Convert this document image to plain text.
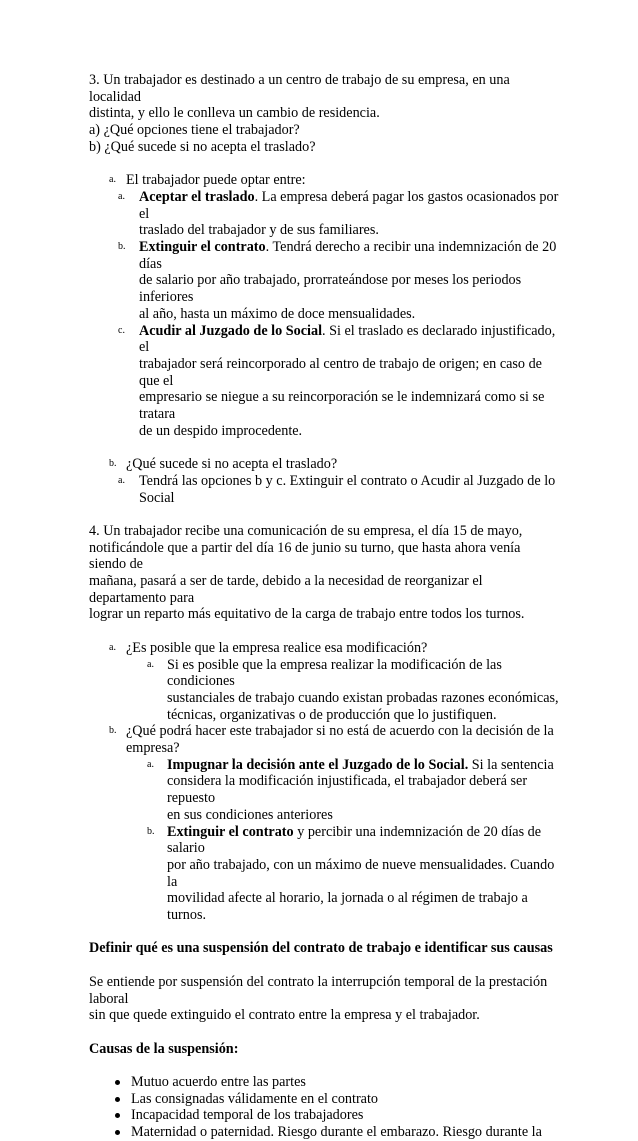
3. Un trabajador es destinado a un centro de trabajo de su empresa, en una localidad

distinta, y ello le conlleva un cambio de residencia.

a) ¿Qué opciones tiene el trabajador?

b) ¿Qué sucede si no acepta el traslado?

a. El trabajador puede optar entre:

a. Aceptar el traslado. La empresa deberá pagar los gastos ocasionados por el

traslado del trabajador y de sus familiares.

b. Extinguir el contrato. Tendrá derecho a recibir una indemnización de 20 días

de salario por año trabajado, prorrateándose por meses los periodos inferiores

al año, hasta un máximo de doce mensualidades.

c. Acudir al Juzgado de lo Social. Si el traslado es declarado injustificado, el

trabajador será reincorporado al centro de trabajo de origen; en caso de que el

empresario se niegue a su reincorporación se le indemnizará como si se tratara

de un despido improcedente.

b. ¿Qué sucede si no acepta el traslado?

a. Tendrá las opciones b y c. Extinguir el contrato o Acudir al Juzgado de lo

Social

4. Un trabajador recibe una comunicación de su empresa, el día 15 de mayo,

notificándole que a partir del día 16 de junio su turno, que hasta ahora venía siendo de

mañana, pasará a ser de tarde, debido a la necesidad de reorganizar el departamento para

lograr un reparto más equitativo de la carga de trabajo entre todos los turnos.

a. ¿Es posible que la empresa realice esa modificación?

a. Si es posible que la empresa realizar la modificación de las condiciones

sustanciales de trabajo cuando existan probadas razones económicas,

técnicas, organizativas o de producción que lo justifiquen.

b. ¿Qué podrá hacer este trabajador si no está de acuerdo con la decisión de la

empresa?

a. Impugnar la decisión ante el Juzgado de lo Social. Si la sentencia

considera la modificación injustificada, el trabajador deberá ser repuesto

en sus condiciones anteriores

b. Extinguir el contrato y percibir una indemnización de 20 días de salario

por año trabajado, con un máximo de nueve mensualidades. Cuando la

movilidad afecte al horario, la jornada o al régimen de trabajo a turnos.

Definir qué es una suspensión del contrato de trabajo e identificar sus causas

Se entiende por suspensión del contrato la interrupción temporal de la prestación laboral

sin que quede extinguido el contrato entre la empresa y el trabajador.

Causas de la suspensión:

Mutuo acuerdo entre las partes

Las consignadas válidamente en el contrato

Incapacidad temporal de los trabajadores

Maternidad o paternidad. Riesgo durante el embarazo. Riesgo durante la
